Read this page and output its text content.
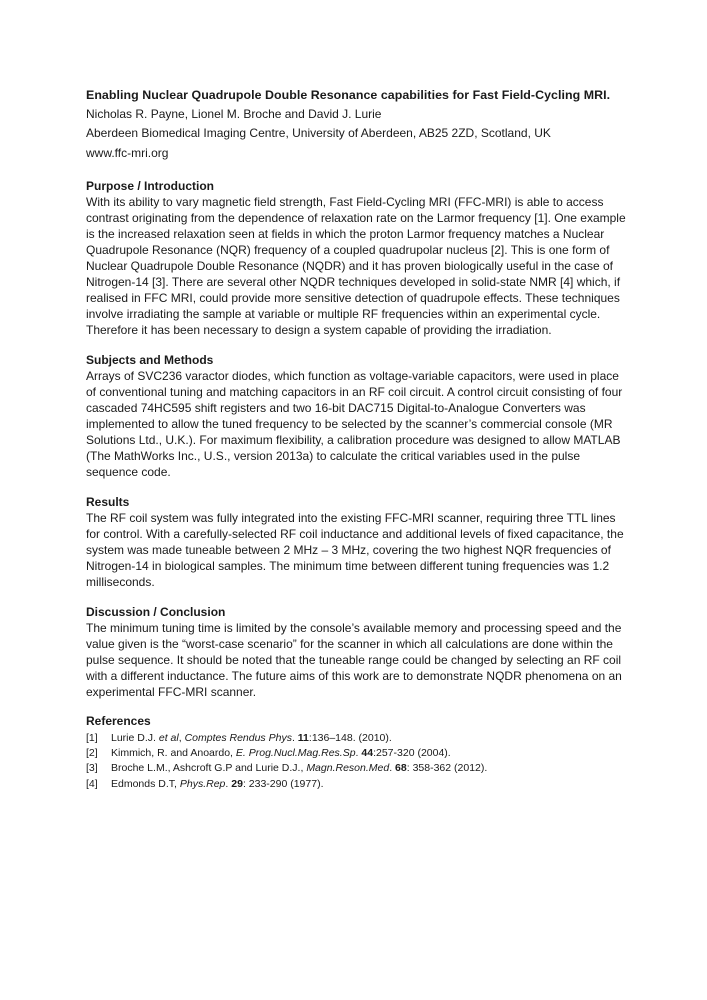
Enabling Nuclear Quadrupole Double Resonance capabilities for Fast Field-Cycling MRI.

Nicholas R. Payne, Lionel M. Broche and David J. Lurie

Aberdeen Biomedical Imaging Centre, University of Aberdeen, AB25 2ZD, Scotland, UK

www.ffc-mri.org

Purpose / Introduction

With its ability to vary magnetic field strength, Fast Field-Cycling MRI (FFC-MRI) is able to access contrast originating from the dependence of relaxation rate on the Larmor frequency [1]. One example is the increased relaxation seen at fields in which the proton Larmor frequency matches a Nuclear Quadrupole Resonance (NQR) frequency of a coupled quadrupolar nucleus [2]. This is one form of Nuclear Quadrupole Double Resonance (NQDR) and it has proven biologically useful in the case of Nitrogen-14 [3]. There are several other NQDR techniques developed in solid-state NMR [4] which, if realised in FFC MRI, could provide more sensitive detection of quadrupole effects. These techniques involve irradiating the sample at variable or multiple RF frequencies within an experimental cycle. Therefore it has been necessary to design a system capable of providing the irradiation.

Subjects and Methods

Arrays of SVC236 varactor diodes, which function as voltage-variable capacitors, were used in place of conventional tuning and matching capacitors in an RF coil circuit. A control circuit consisting of four cascaded 74HC595 shift registers and two 16-bit DAC715 Digital-to-Analogue Converters was implemented to allow the tuned frequency to be selected by the scanner’s commercial console (MR Solutions Ltd., U.K.). For maximum flexibility, a calibration procedure was designed to allow MATLAB (The MathWorks Inc., U.S., version 2013a) to calculate the critical variables used in the pulse sequence code.

Results

The RF coil system was fully integrated into the existing FFC-MRI scanner, requiring three TTL lines for control. With a carefully-selected RF coil inductance and additional levels of fixed capacitance, the system was made tuneable between 2 MHz – 3 MHz, covering the two highest NQR frequencies of Nitrogen-14 in biological samples. The minimum time between different tuning frequencies was 1.2 milliseconds.

Discussion / Conclusion

The minimum tuning time is limited by the console’s available memory and processing speed and the value given is the “worst-case scenario” for the scanner in which all calculations are done within the pulse sequence. It should be noted that the tuneable range could be changed by selecting an RF coil with a different inductance. The future aims of this work are to demonstrate NQDR phenomena on an experimental FFC-MRI scanner.

References

[1]	Lurie D.J. et al, Comptes Rendus Phys. 11:136–148. (2010).
[2]	Kimmich, R. and Anoardo, E. Prog.Nucl.Mag.Res.Sp. 44:257-320 (2004).
[3]	Broche L.M., Ashcroft G.P and Lurie D.J., Magn.Reson.Med. 68: 358-362 (2012).
[4]	Edmonds D.T, Phys.Rep. 29: 233-290 (1977).
